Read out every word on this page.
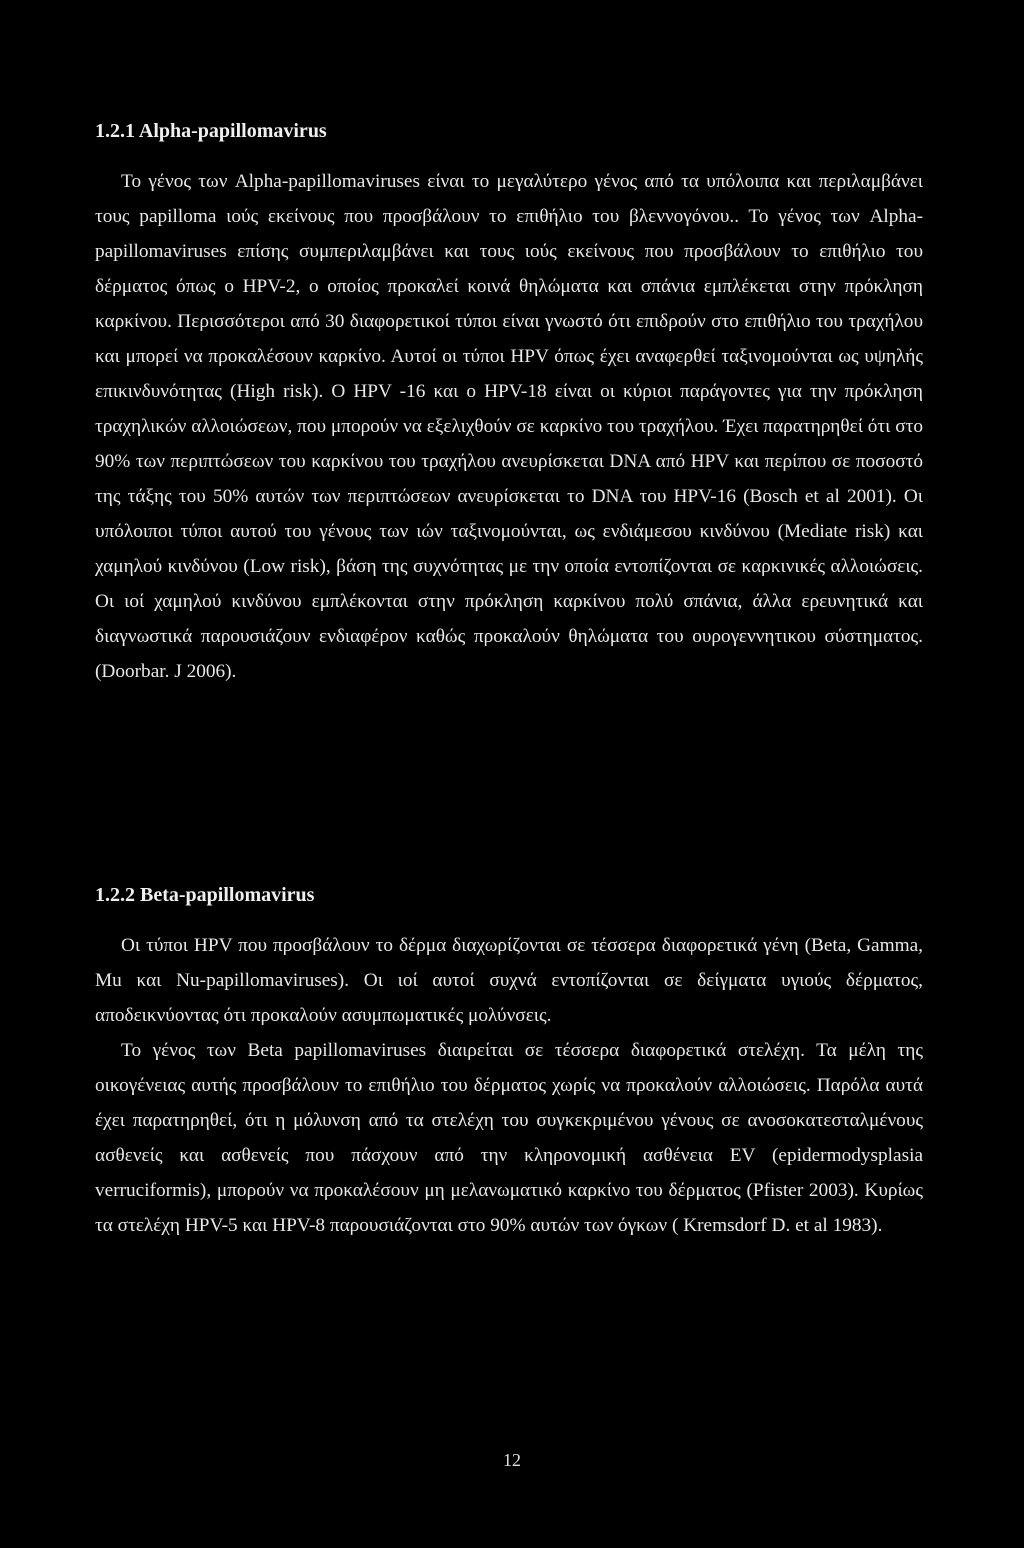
1.2.1 Alpha-papillomavirus

Το γένος των Alpha-papillomaviruses είναι το μεγαλύτερο γένος από τα υπόλοιπα και περιλαμβάνει τους papilloma ιούς εκείνους που προσβάλουν το επιθήλιο του βλεννογόνου.. Το γένος των Alpha-papillomaviruses επίσης συμπεριλαμβάνει και τους ιούς εκείνους που προσβάλουν το επιθήλιο του δέρματος όπως ο HPV-2, ο οποίος προκαλεί κοινά θηλώματα και σπάνια εμπλέκεται στην πρόκληση καρκίνου. Περισσότεροι από 30 διαφορετικοί τύποι είναι γνωστό ότι επιδρούν στο επιθήλιο του τραχήλου και μπορεί να προκαλέσουν καρκίνο. Αυτοί οι τύποι HPV όπως έχει αναφερθεί ταξινομούνται ως υψηλής επικινδυνότητας (High risk). O HPV -16 και ο HPV-18 είναι οι κύριοι παράγοντες για την πρόκληση τραχηλικών αλλοιώσεων, που μπορούν να εξελιχθούν σε καρκίνο του τραχήλου. Έχει παρατηρηθεί ότι στο 90% των περιπτώσεων του καρκίνου του τραχήλου ανευρίσκεται DNA από HPV και περίπου σε ποσοστό της τάξης του 50% αυτών των περιπτώσεων ανευρίσκεται το DNA του HPV-16 (Bosch et al 2001). Οι υπόλοιποι τύποι αυτού του γένους των ιών ταξινομούνται, ως ενδιάμεσου κινδύνου (Mediate risk) και χαμηλού κινδύνου (Low risk), βάση της συχνότητας με την οποία εντοπίζονται σε καρκινικές αλλοιώσεις. Οι ιοί χαμηλού κινδύνου εμπλέκονται στην πρόκληση καρκίνου πολύ σπάνια, άλλα ερευνητικά και διαγνωστικά παρουσιάζουν ενδιαφέρον καθώς προκαλούν θηλώματα του ουρογεννητικου σύστηματος. (Doorbar. J 2006).

1.2.2 Beta-papillomavirus

Οι τύποι HPV που προσβάλουν το δέρμα διαχωρίζονται σε τέσσερα διαφορετικά γένη (Beta, Gamma, Mu και Nu-papillomaviruses). Οι ιοί αυτοί συχνά εντοπίζονται σε δείγματα υγιούς δέρματος, αποδεικνύοντας ότι προκαλούν ασυμπωματικές μολύνσεις.

Το γένος των Beta papillomaviruses διαιρείται σε τέσσερα διαφορετικά στελέχη. Τα μέλη της οικογένειας αυτής προσβάλουν το επιθήλιο του δέρματος χωρίς να προκαλούν αλλοιώσεις. Παρόλα αυτά έχει παρατηρηθεί, ότι η μόλυνση από τα στελέχη του συγκεκριμένου γένους σε ανοσοκατεσταλμένους ασθενείς και ασθενείς που πάσχουν από την κληρονομική ασθένεια EV (epidermodysplasia verruciformis), μπορούν να προκαλέσουν μη μελανωματικό καρκίνο του δέρματος (Pfister 2003). Κυρίως τα στελέχη HPV-5 και HPV-8 παρουσιάζονται στο 90% αυτών των όγκων ( Kremsdorf D. et al 1983).

12
